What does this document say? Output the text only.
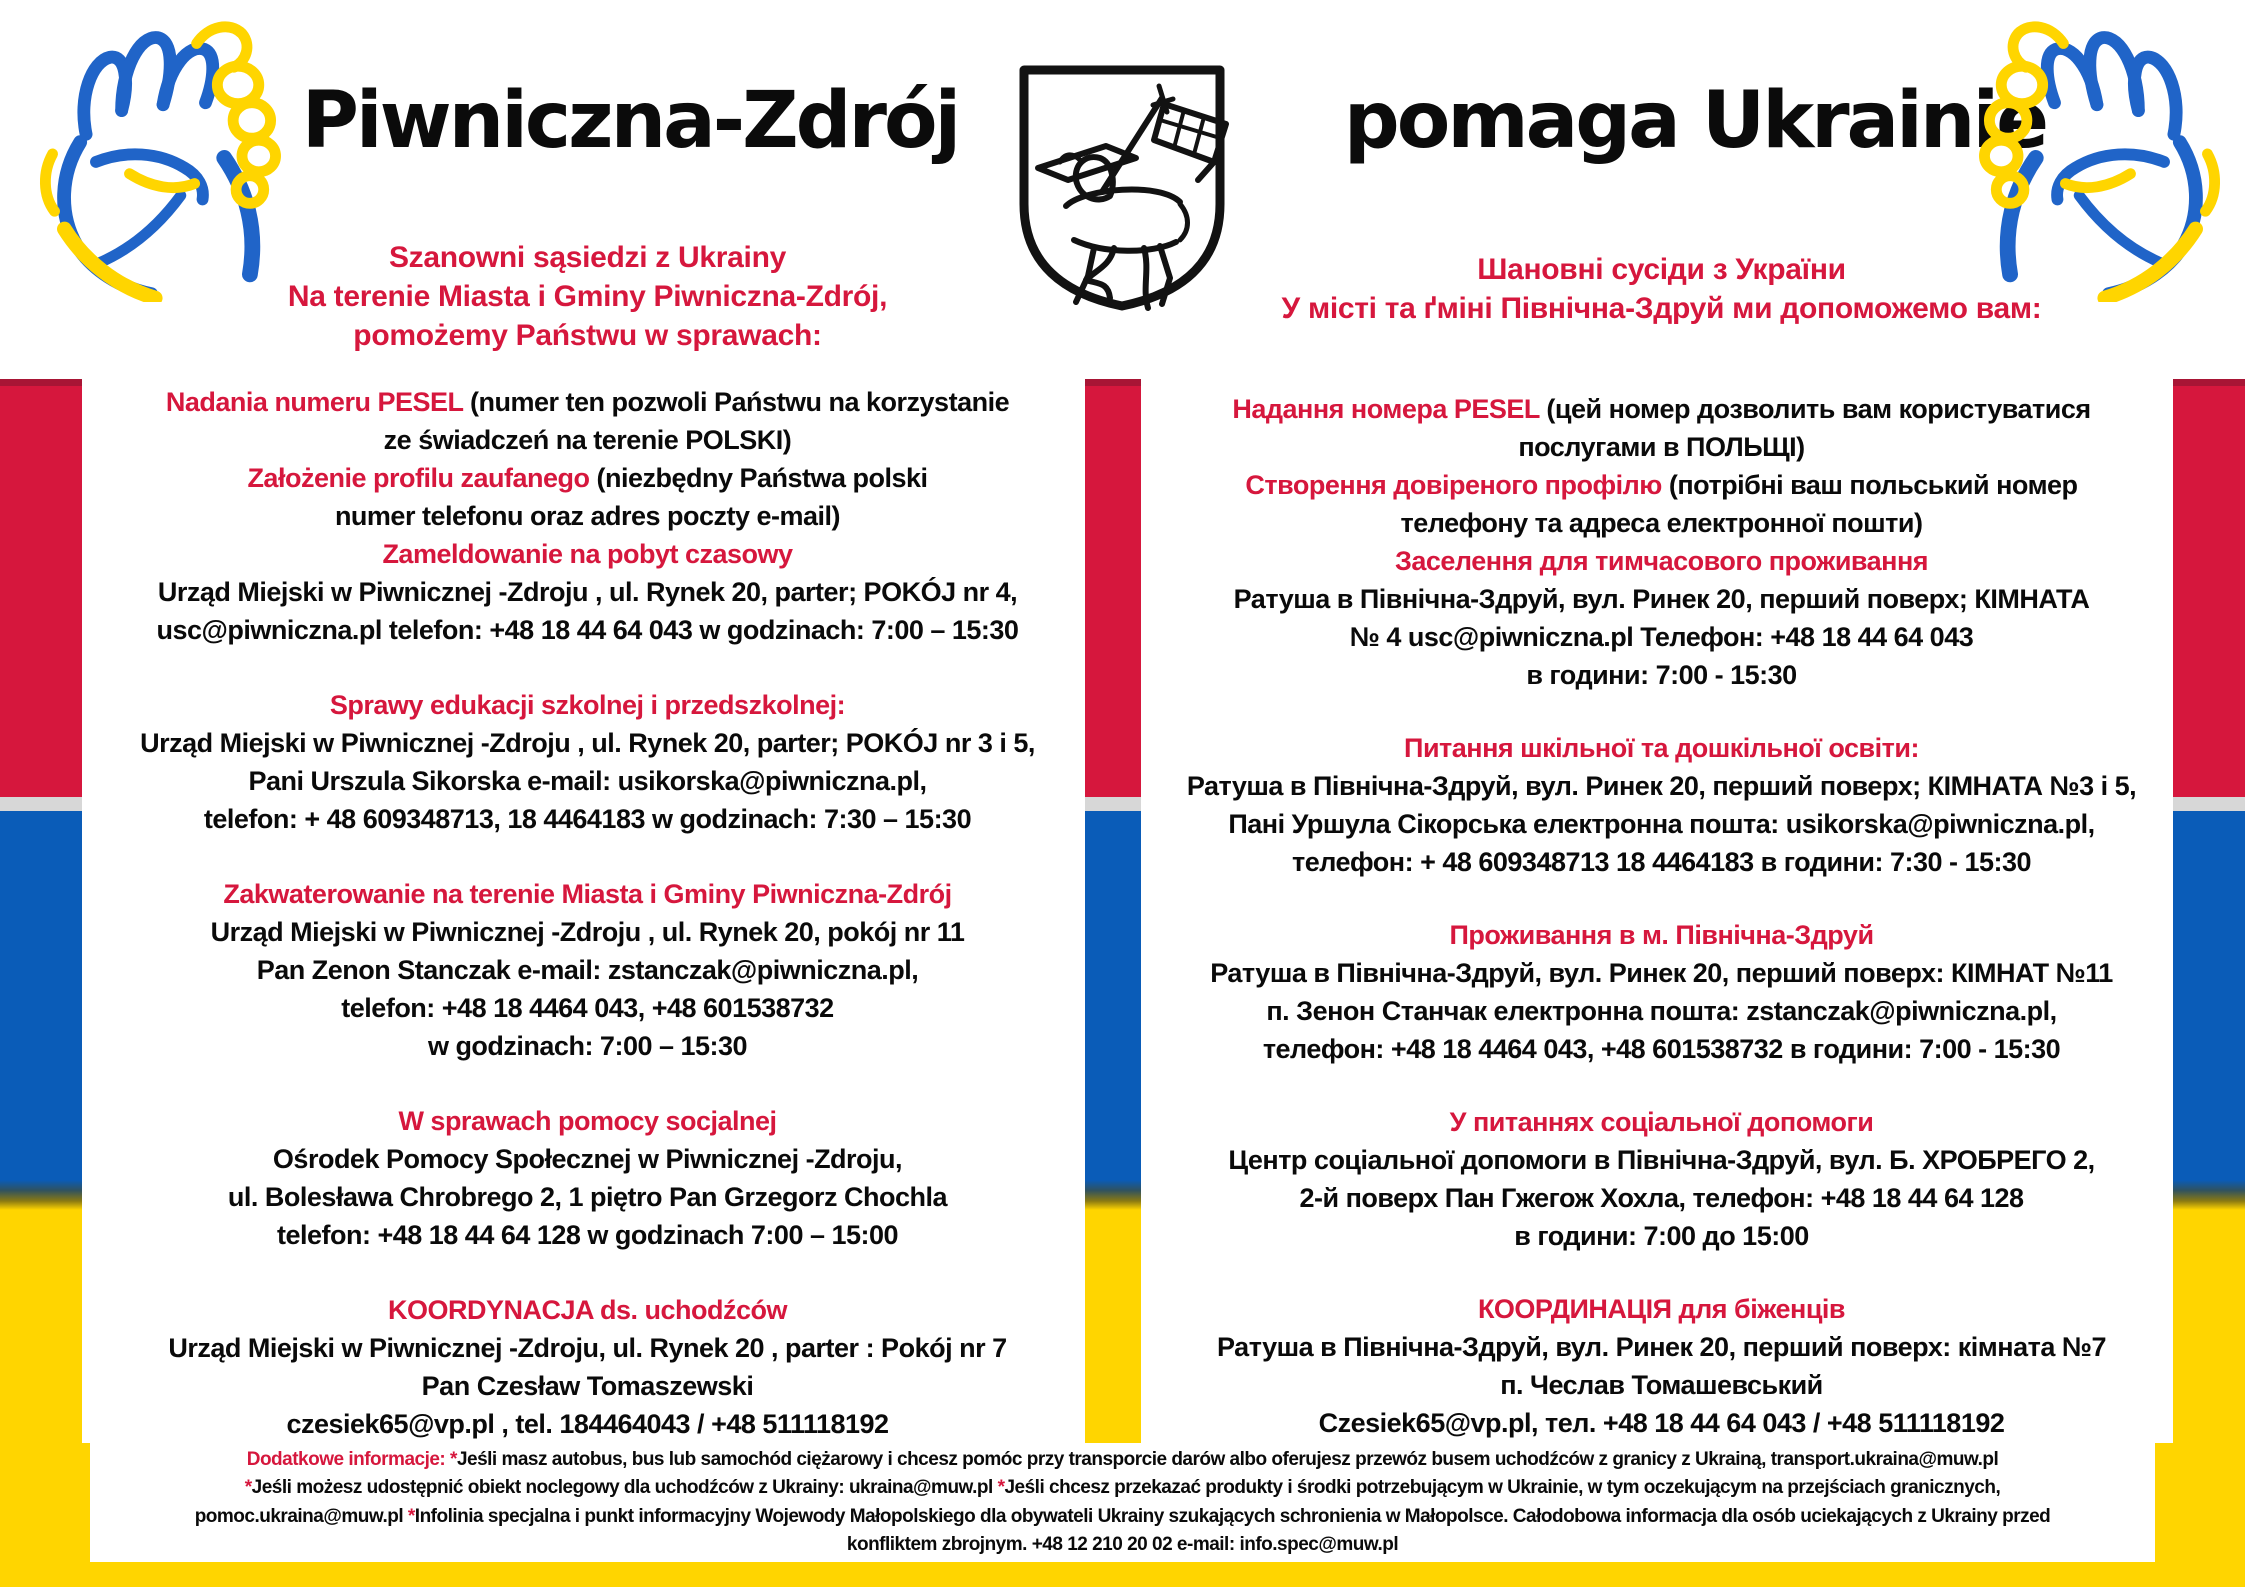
Piwniczna-Zdrój	pomaga Ukrainie
Szanowni sąsiedzi z Ukrainy
Na terenie Miasta i Gminy Piwniczna-Zdrój,
pomożemy Państwu w sprawach:
Nadania numeru PESEL (numer ten pozwoli Państwu na korzystanie
ze świadczeń na terenie POLSKI)
Założenie profilu zaufanego (niezbędny Państwa polski
numer telefonu oraz adres poczty e-mail)
Zameldowanie na pobyt czasowy
Urząd Miejski w Piwnicznej -Zdroju , ul. Rynek 20, parter; POKÓJ nr 4,
usc@piwniczna.pl telefon: +48 18 44 64 043 w godzinach: 7:00 – 15:30
Sprawy edukacji szkolnej i przedszkolnej:
Urząd Miejski w Piwnicznej -Zdroju , ul. Rynek 20, parter; POKÓJ nr 3 i 5,
Pani Urszula Sikorska e-mail: usikorska@piwniczna.pl,
telefon: + 48 609348713, 18 4464183 w godzinach: 7:30 – 15:30
Zakwaterowanie na terenie Miasta i Gminy Piwniczna-Zdrój
Urząd Miejski w Piwnicznej -Zdroju , ul. Rynek 20, pokój nr 11
Pan Zenon Stanczak e-mail: zstanczak@piwniczna.pl,
telefon: +48 18 4464 043, +48 601538732
w godzinach: 7:00 – 15:30
W sprawach pomocy socjalnej
Ośrodek Pomocy Społecznej w Piwnicznej -Zdroju,
ul. Bolesława Chrobrego 2, 1 piętro Pan Grzegorz Chochla
telefon: +48 18 44 64 128 w godzinach 7:00 – 15:00
KOORDYNACJA ds. uchodźców
Urząd Miejski w Piwnicznej -Zdroju, ul. Rynek 20 , parter : Pokój nr 7
Pan Czesław Tomaszewski
czesiek65@vp.pl , tel. 184464043 / +48 511118192
Шановні сусіди з України
У місті та ґміні Північна-Здруй ми допоможемо вам:
Надання номера PESEL (цей номер дозволить вам користуватися
послугами в ПОЛЬЩІ)
Створення довіреного профілю (потрібні ваш польський номер
телефону та адреса електронної пошти)
Заселення для тимчасового проживання
Ратуша в Північна-Здруй, вул. Ринек 20, перший поверх; КІМНАТА
№ 4 usc@piwniczna.pl Телефон: +48 18 44 64 043
в години: 7:00 - 15:30
Питання шкільної та дошкільної освіти:
Ратуша в Північна-Здруй, вул. Ринек 20, перший поверх; КІМНАТА №3 і 5,
Пані Уршула Сікорська електронна пошта: usikorska@piwniczna.pl,
телефон: + 48 609348713 18 4464183 в години: 7:30 - 15:30
Проживання в м. Північна-Здруй
Ратуша в Північна-Здруй, вул. Ринек 20, перший поверх: КІМНАТ №11
п. Зенон Станчак електронна пошта: zstanczak@piwniczna.pl,
телефон: +48 18 4464 043, +48 601538732 в години: 7:00 - 15:30
У питаннях соціальної допомоги
Центр соціальної допомоги в Північна-Здруй, вул. Б. ХРОБРЕГО 2,
2-й поверх Пан Гжегож Хохла, телефон: +48 18 44 64 128
в години: 7:00 до 15:00
КООРДИНАЦІЯ для біженців
Ратуша в Північна-Здруй, вул. Ринек 20, перший поверх: кімната №7
п. Чеслав Томашевський
Czesiek65@vp.pl, тел. +48 18 44 64 043 / +48 511118192
Dodatkowe informacje: *Jeśli masz autobus, bus lub samochód ciężarowy i chcesz pomóc przy transporcie darów albo oferujesz przewóz busem uchodźców z granicy z Ukrainą, transport.ukraina@muw.pl
*Jeśli możesz udostępnić obiekt noclegowy dla uchodźców z Ukrainy: ukraina@muw.pl *Jeśli chcesz przekazać produkty i środki potrzebującym w Ukrainie, w tym oczekującym na przejściach granicznych,
pomoc.ukraina@muw.pl *Infolinia specjalna i punkt informacyjny Wojewody Małopolskiego dla obywateli Ukrainy szukających schronienia w Małopolsce. Całodobowa informacja dla osób uciekających z Ukrainy przed
konfliktem zbrojnym. +48 12 210 20 02 e-mail: info.spec@muw.pl
